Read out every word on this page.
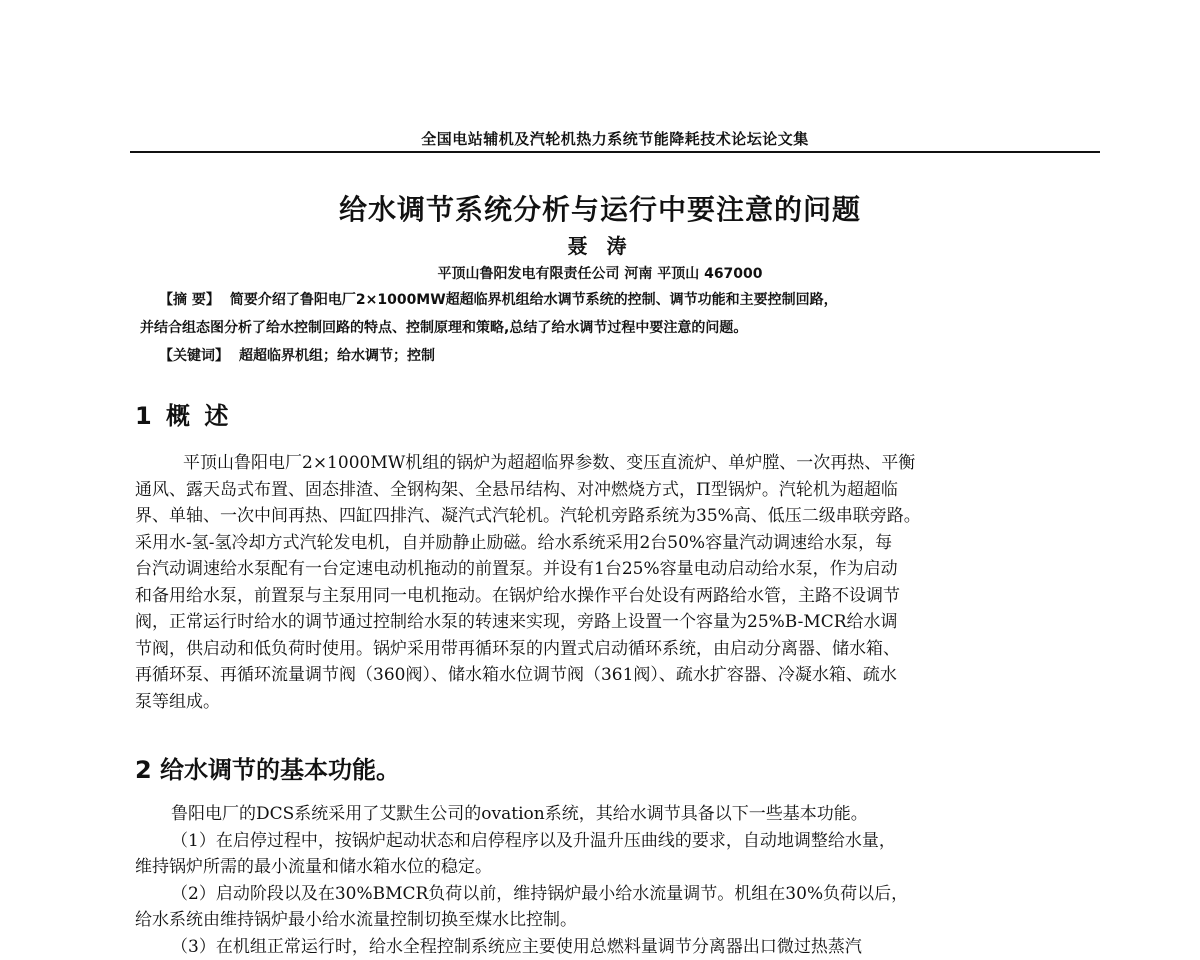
全国电站辅机及汽轮机热力系统节能降耗技术论坛论文集
给水调节系统分析与运行中要注意的问题
聂 涛
平顶山鲁阳发电有限责任公司 河南 平顶山 467000
【摘 要】 简要介绍了鲁阳电厂2×1000MW超超临界机组给水调节系统的控制、调节功能和主要控制回路，
并结合组态图分析了给水控制回路的特点、控制原理和策略,总结了给水调节过程中要注意的问题。
【关键词】 超超临界机组；给水调节；控制
1 概 述
平顶山鲁阳电厂2×1000MW机组的锅炉为超超临界参数、变压直流炉、单炉膛、一次再热、平衡
通风、露天岛式布置、固态排渣、全钢构架、全悬吊结构、对冲燃烧方式，Π型锅炉。汽轮机为超超临
界、单轴、一次中间再热、四缸四排汽、凝汽式汽轮机。汽轮机旁路系统为35%高、低压二级串联旁路。
采用水-氢-氢冷却方式汽轮发电机，自并励静止励磁。给水系统采用2台50%容量汽动调速给水泵，每
台汽动调速给水泵配有一台定速电动机拖动的前置泵。并设有1台25%容量电动启动给水泵，作为启动
和备用给水泵，前置泵与主泵用同一电机拖动。在锅炉给水操作平台处设有两路给水管，主路不设调节
阀，正常运行时给水的调节通过控制给水泵的转速来实现，旁路上设置一个容量为25%B-MCR给水调
节阀，供启动和低负荷时使用。锅炉采用带再循环泵的内置式启动循环系统，由启动分离器、储水箱、
再循环泵、再循环流量调节阀（360阀）、储水箱水位调节阀（361阀）、疏水扩容器、冷凝水箱、疏水
泵等组成。
2 给水调节的基本功能。
鲁阳电厂的DCS系统采用了艾默生公司的ovation系统，其给水调节具备以下一些基本功能。
（1）在启停过程中，按锅炉起动状态和启停程序以及升温升压曲线的要求，自动地调整给水量，
维持锅炉所需的最小流量和储水箱水位的稳定。
（2）启动阶段以及在30%BMCR负荷以前，维持锅炉最小给水流量调节。机组在30%负荷以后，
给水系统由维持锅炉最小给水流量控制切换至煤水比控制。
（3）在机组正常运行时，给水全程控制系统应主要使用总燃料量调节分离器出口微过热蒸汽
